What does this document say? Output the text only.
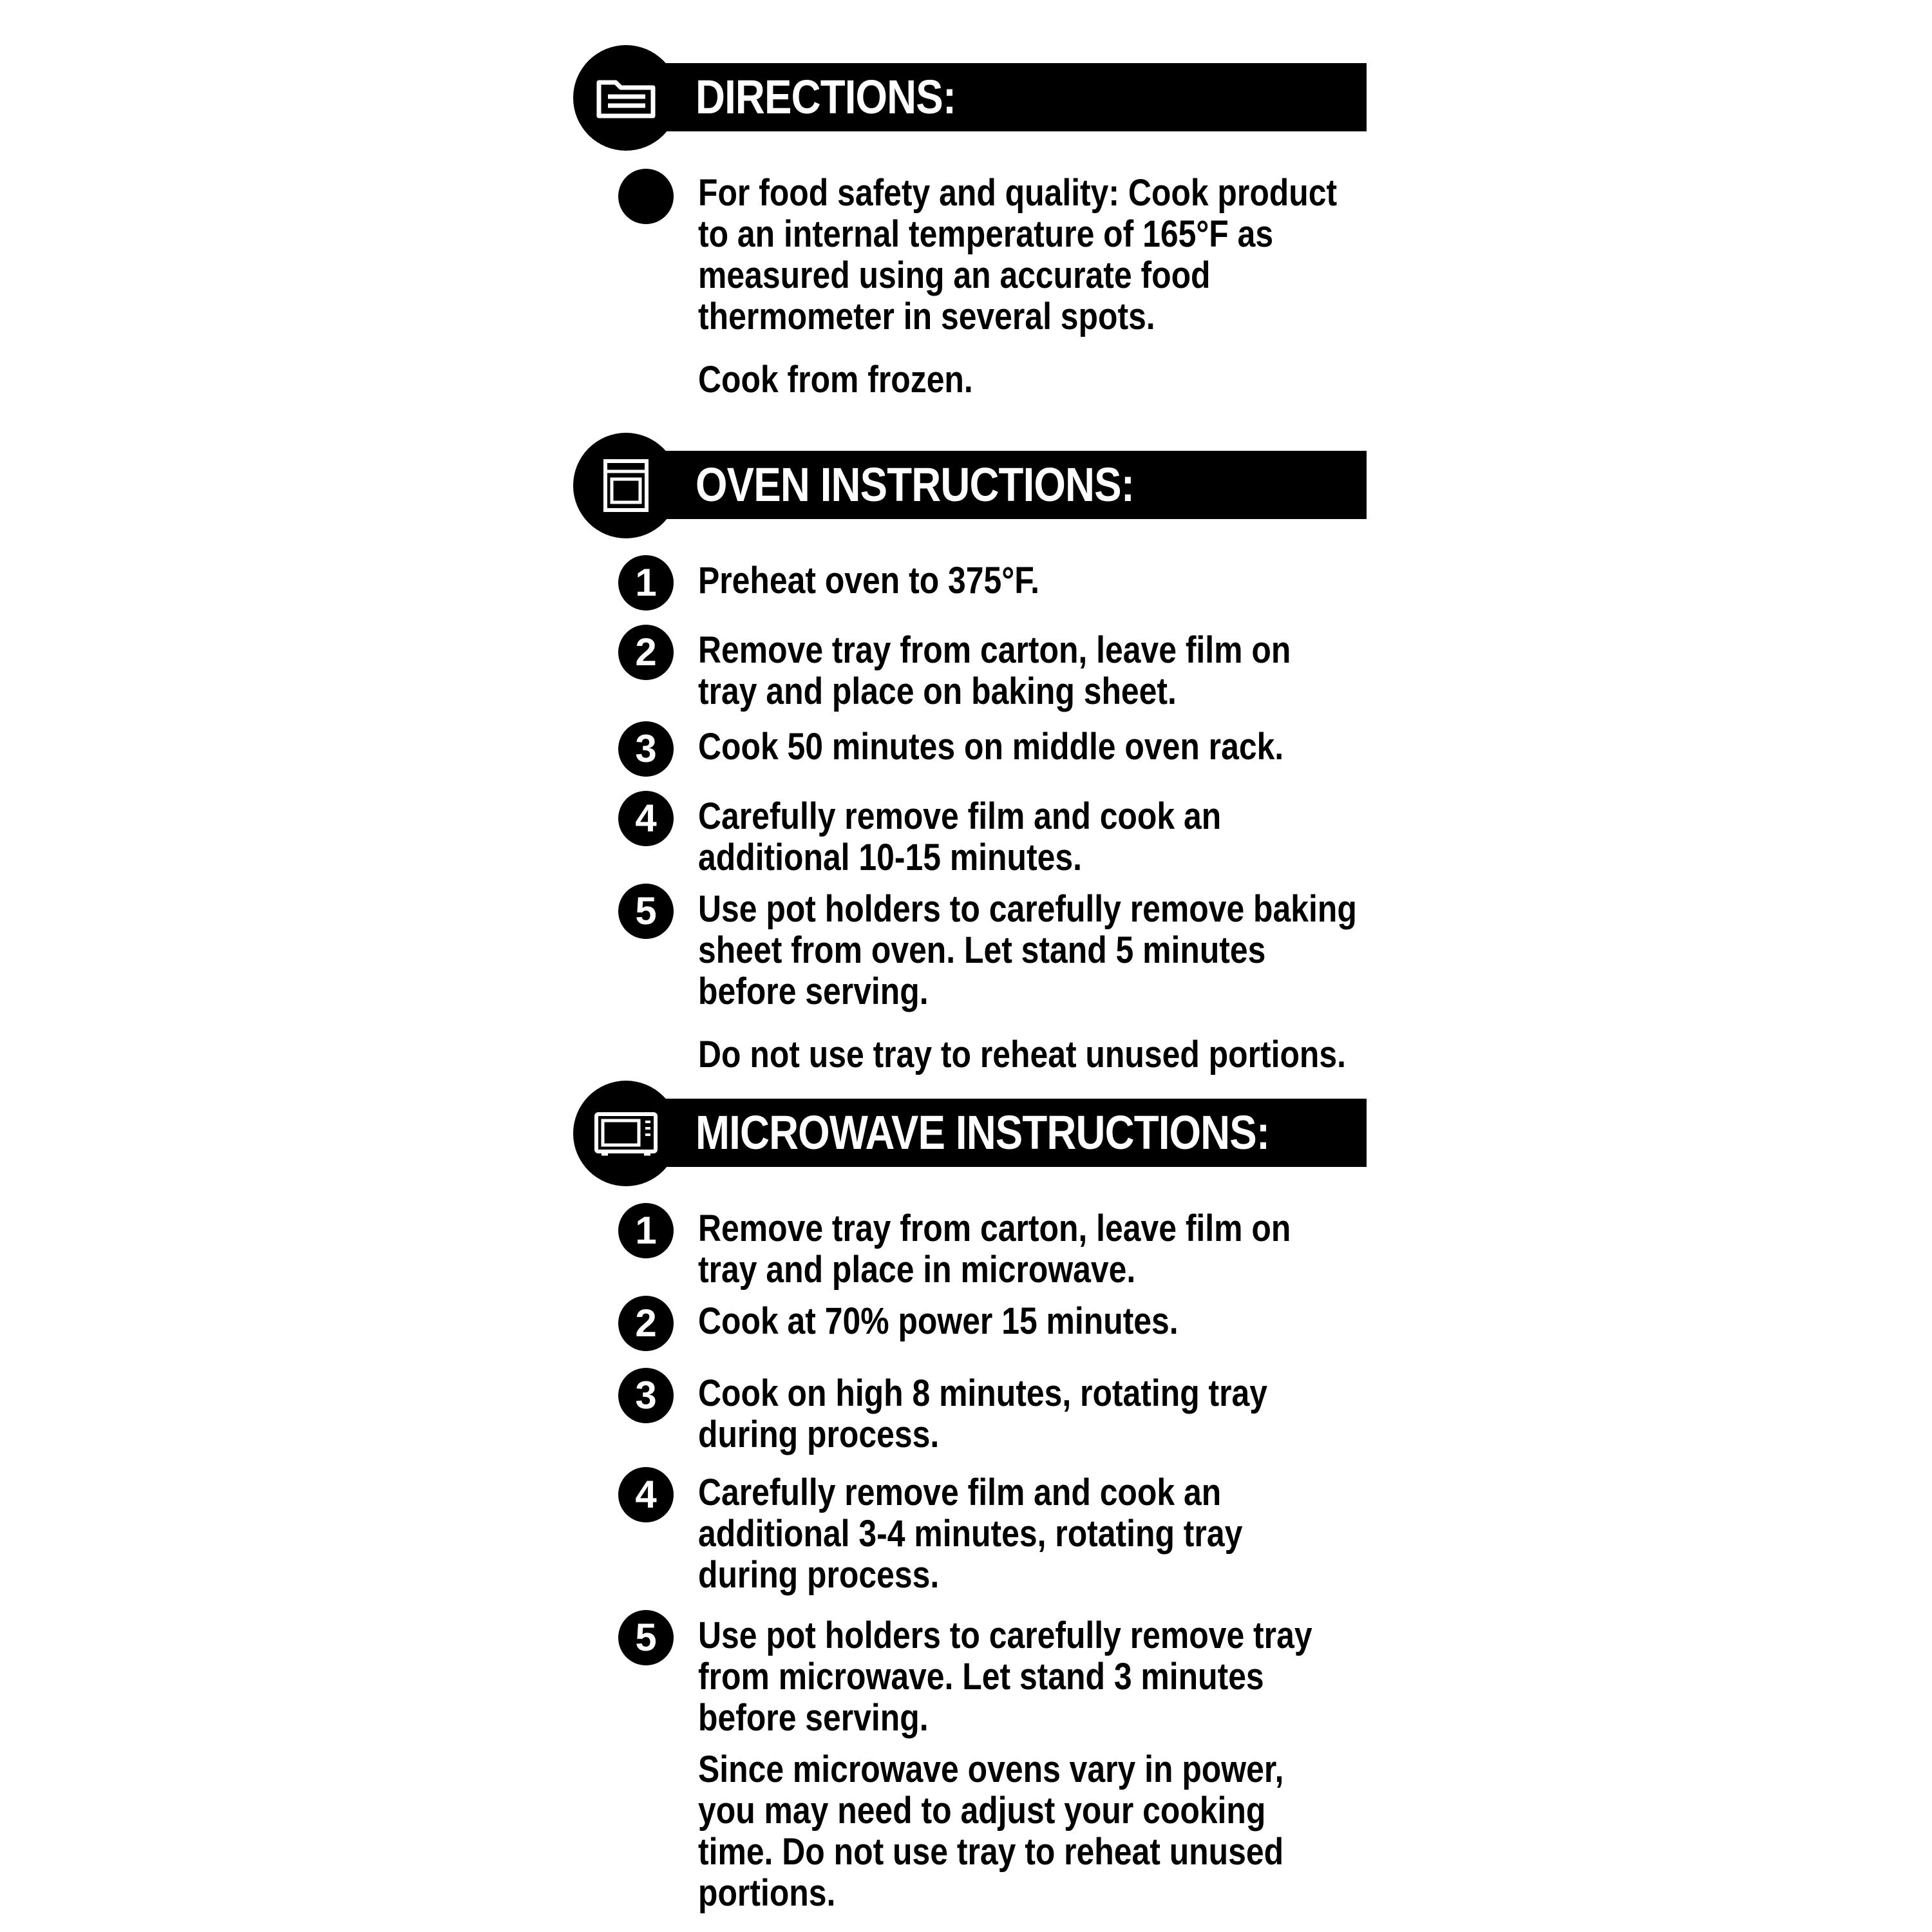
DIRECTIONS:
For food safety and quality: Cook product
to an internal temperature of 165°F as
measured using an accurate food
thermometer in several spots.
Cook from frozen.
OVEN INSTRUCTIONS:
1	Preheat oven to 375°F.
2	Remove tray from carton, leave film on
tray and place on baking sheet.
3	Cook 50 minutes on middle oven rack.
4	Carefully remove film and cook an
additional 10-15 minutes.
5	Use pot holders to carefully remove baking
sheet from oven. Let stand 5 minutes
before serving.
Do not use tray to reheat unused portions.
MICROWAVE INSTRUCTIONS:
1	Remove tray from carton, leave film on
tray and place in microwave.
2	Cook at 70% power 15 minutes.
3	Cook on high 8 minutes, rotating tray
during process.
4	Carefully remove film and cook an
additional 3-4 minutes, rotating tray
during process.
5	Use pot holders to carefully remove tray
from microwave. Let stand 3 minutes
before serving.
Since microwave ovens vary in power,
you may need to adjust your cooking
time. Do not use tray to reheat unused
portions.
